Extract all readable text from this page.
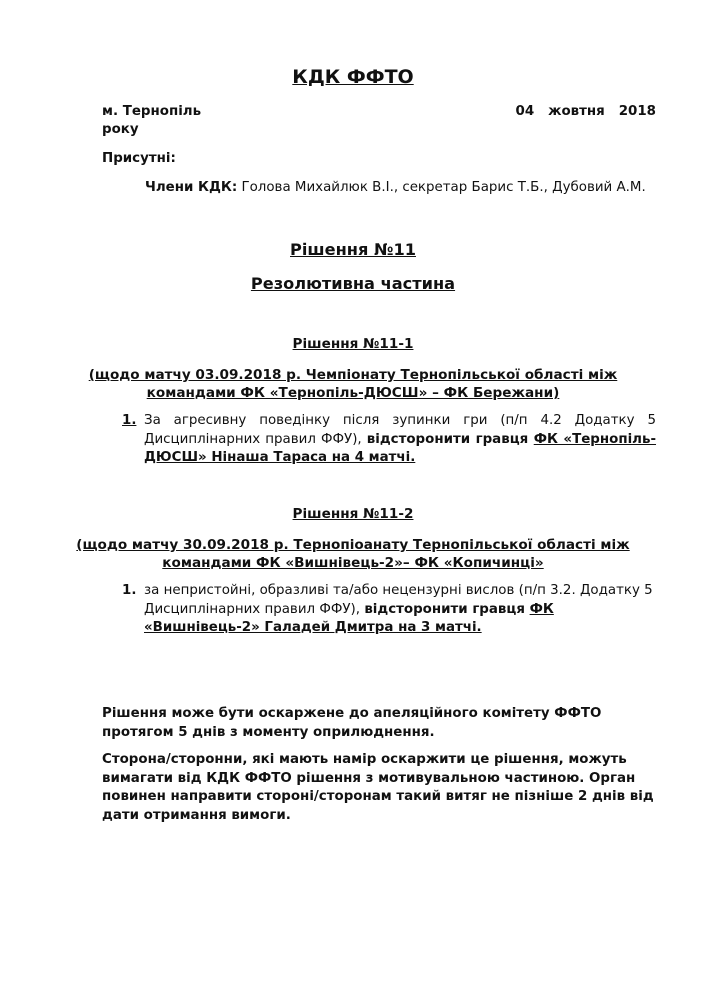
КДК ФФТО
м. Тернопіль	04   жовтня   2018
року
Присутні:
Члени КДК: Голова Михайлюк В.І., секретар Барис Т.Б., Дубовий А.М.
Рішення №11
Резолютивна частина
Рішення №11-1
(щодо матчу 03.09.2018 р. Чемпіонату Тернопільської області між
командами ФК «Тернопіль-ДЮСШ» – ФК Бережани)
1. За агресивну поведінку після зупинки гри (п/п 4.2 Додатку 5 Дисциплінарних правил ФФУ), відсторонити гравця ФК «Тернопіль-ДЮСШ» Нінаша Тараса на 4 матчі.
Рішення №11-2
(щодо матчу 30.09.2018 р. Тернопіоанату Тернопільської області між
командами ФК «Вишнівець-2»– ФК «Копичинці»
1. за непристойні, образливі та/або нецензурні вислов (п/п 3.2. Додатку 5 Дисциплінарних правил ФФУ), відсторонити гравця ФК «Вишнівець-2» Галадей Дмитра на 3 матчі.
Рішення може бути оскаржене до апеляційного комітету ФФТО протягом 5 днів з моменту оприлюднення.
Сторона/сторонни, які мають намір оскаржити це рішення, можуть вимагати від КДК ФФТО рішення з мотивувальною частиною. Орган повинен направити стороні/сторонам такий витяг не пізніше 2 днів від дати отримання вимоги.
